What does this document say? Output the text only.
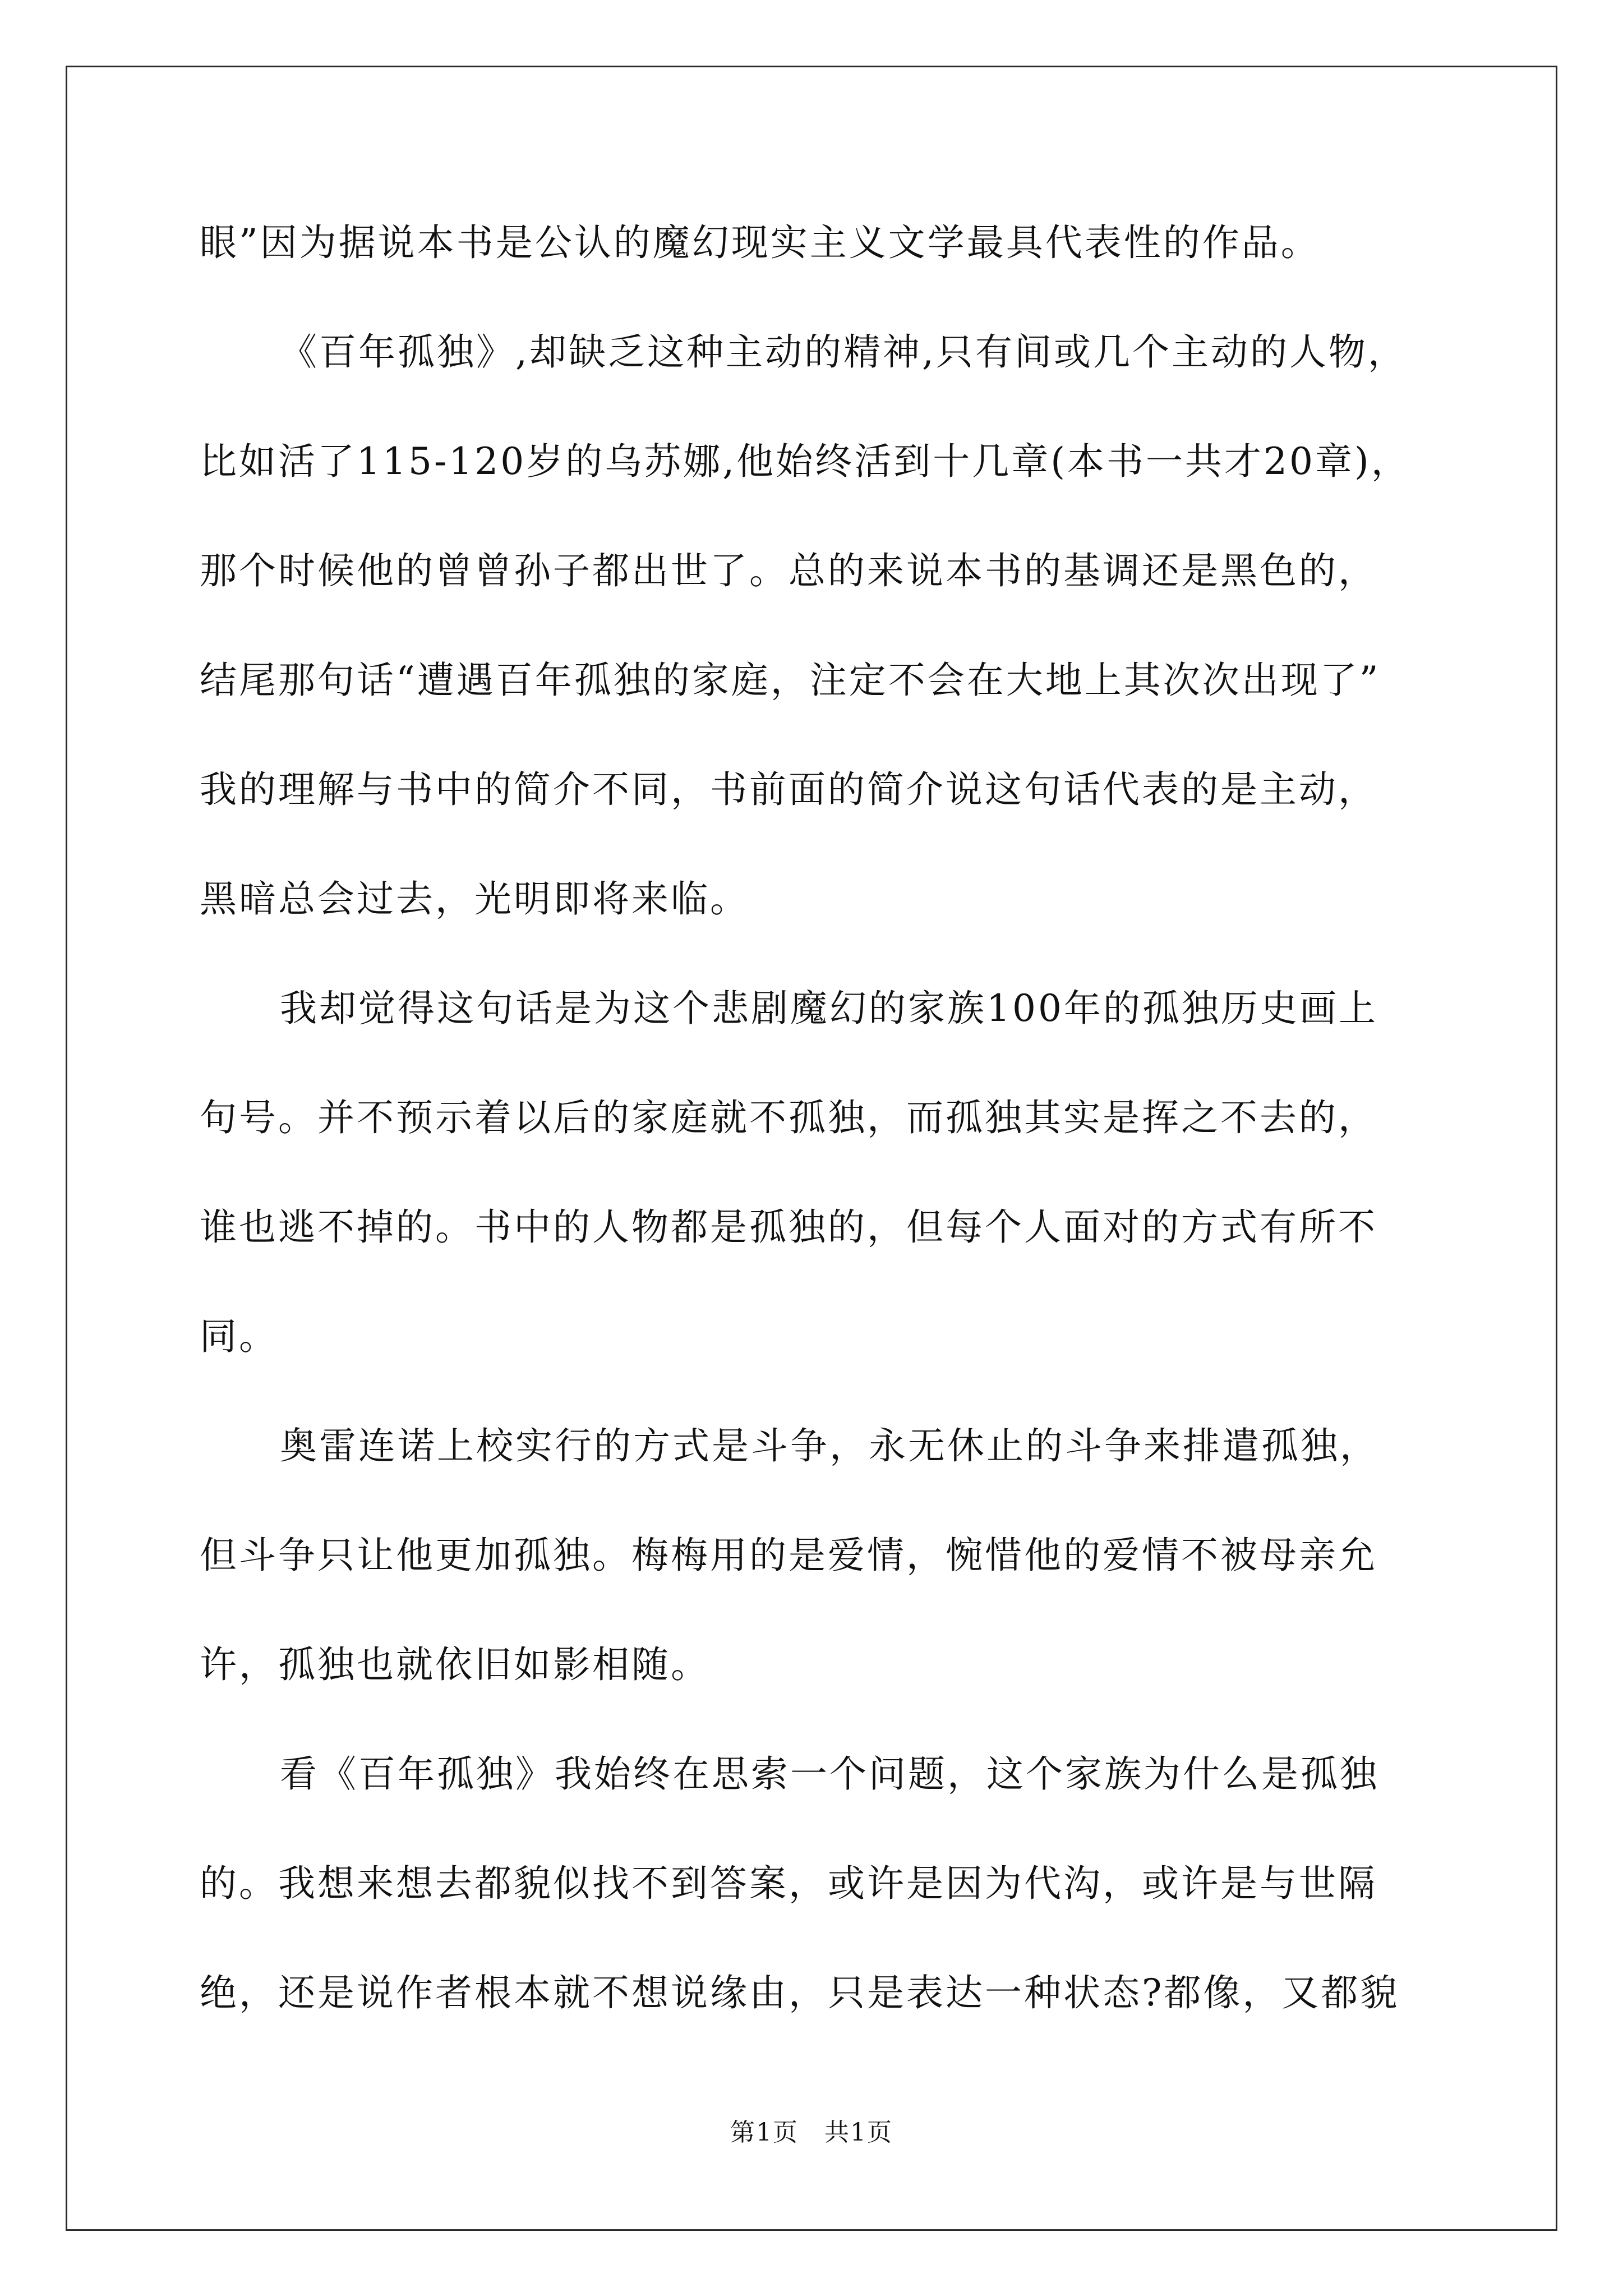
眼”因为据说本书是公认的魔幻现实主义文学最具代表性的作品。
《百年孤独》,却缺乏这种主动的精神,只有间或几个主动的人物，
比如活了115-120岁的乌苏娜,他始终活到十几章(本书一共才20章)，
那个时候他的曾曾孙子都出世了。总的来说本书的基调还是黑色的，
结尾那句话“遭遇百年孤独的家庭，注定不会在大地上其次次出现了”
我的理解与书中的简介不同，书前面的简介说这句话代表的是主动，
黑暗总会过去，光明即将来临。
我却觉得这句话是为这个悲剧魔幻的家族100年的孤独历史画上
句号。并不预示着以后的家庭就不孤独，而孤独其实是挥之不去的，
谁也逃不掉的。书中的人物都是孤独的，但每个人面对的方式有所不
同。
奥雷连诺上校实行的方式是斗争，永无休止的斗争来排遣孤独，
但斗争只让他更加孤独。梅梅用的是爱情，惋惜他的爱情不被母亲允
许，孤独也就依旧如影相随。
看《百年孤独》我始终在思索一个问题，这个家族为什么是孤独
的。我想来想去都貌似找不到答案，或许是因为代沟，或许是与世隔
绝，还是说作者根本就不想说缘由，只是表达一种状态?都像，又都貌
第1页　共1页
